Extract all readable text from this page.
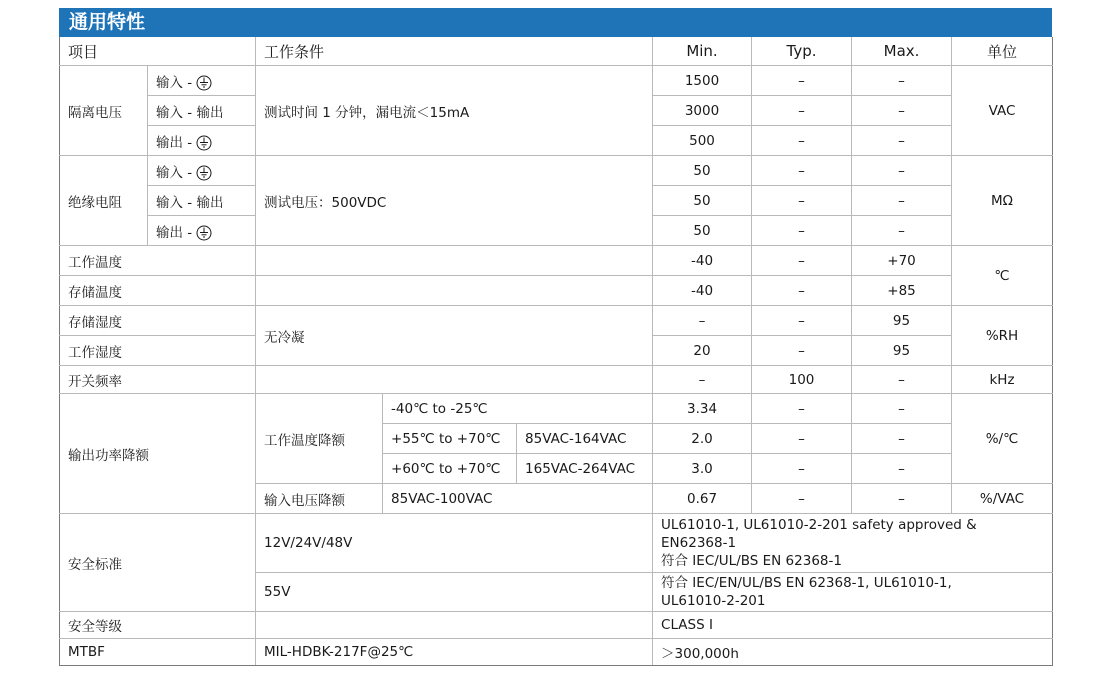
通用特性
项目		工作条件			Min.	Typ.	Max.	单位
隔离电压	输入 -	测试时间 1 分钟，漏电流＜15mA			1500	–	–	VAC
	输入 - 输出				3000	–	–	
	输出 -				500	–	–	
绝缘电阻	输入 -	测试电压：500VDC			50	–	–	MΩ
	输入 - 输出				50	–	–	
	输出 -				50	–	–	
工作温度					-40	–	+70	℃
存储温度					-40	–	+85	
存储湿度		无冷凝			–	–	95	%RH
工作湿度					20	–	95	
开关频率					–	100	–	kHz
输出功率降额		工作温度降额	-40℃ to -25℃		3.34	–	–	%/℃
			+55℃ to +70℃	85VAC-164VAC	2.0	–	–	
			+60℃ to +70℃	165VAC-264VAC	3.0	–	–	
		输入电压降额	85VAC-100VAC		0.67	–	–	%/VAC
安全标准		12V/24V/48V			UL61010-1, UL61010-2-201 safety approved &
EN62368-1
符合 IEC/UL/BS EN 62368-1			

		55V			符合 IEC/EN/UL/BS EN 62368-1, UL61010-1,
UL61010-2-201			

安全等级					CLASS I			
MTBF		MIL-HDBK-217F@25℃			＞300,000h			
